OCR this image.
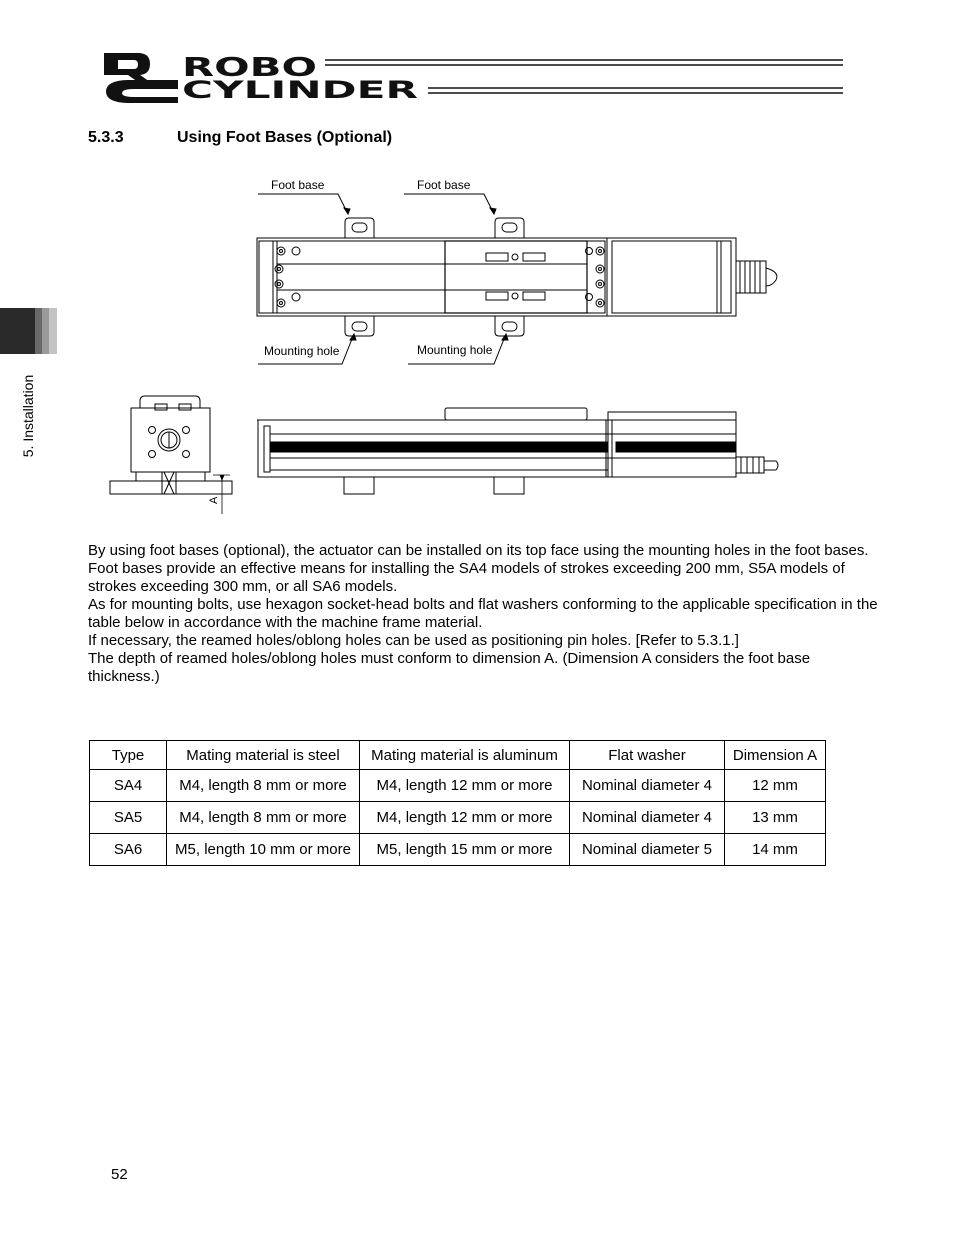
ROBO
CYLINDER
5. Installation
5.3.3	Using Foot Bases (Optional)
Foot base	Foot base
Mounting hole	Mounting hole
A

By using foot bases (optional), the actuator can be installed on its top face using the mounting holes in the foot bases.

Foot bases provide an effective means for installing the SA4 models of strokes exceeding 200 mm, S5A models of strokes exceeding 300 mm, or all SA6 models.

As for mounting bolts, use hexagon socket-head bolts and flat washers conforming to the applicable specification in the table below in accordance with the machine frame material.

If necessary, the reamed holes/oblong holes can be used as positioning pin holes. [Refer to 5.3.1.]

The depth of reamed holes/oblong holes must conform to dimension A. (Dimension A considers the foot base thickness.)

Type	Mating material is steel	Mating material is aluminum	Flat washer	Dimension A
SA4	M4, length 8 mm or more	M4, length 12 mm or more	Nominal diameter 4	12 mm
SA5	M4, length 8 mm or more	M4, length 12 mm or more	Nominal diameter 4	13 mm
SA6	M5, length 10 mm or more	M5, length 15 mm or more	Nominal diameter 5	14 mm
52
